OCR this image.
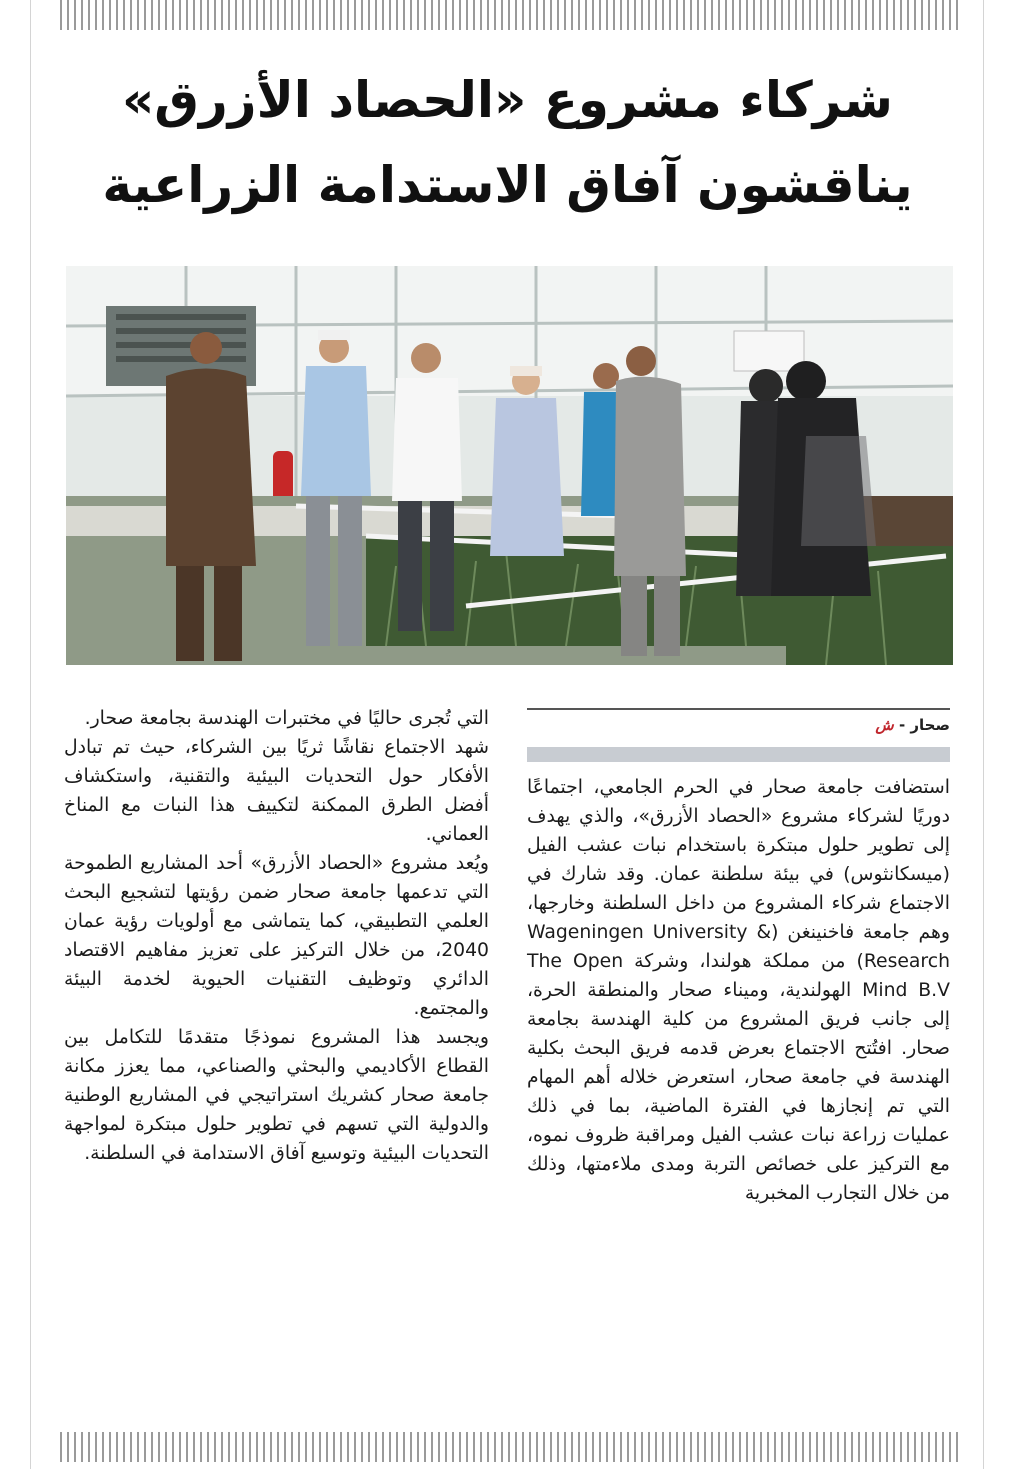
شركاء مشروع «الحصاد الأزرق»
يناقشون آفاق الاستدامة الزراعية
صحار - ش

استضافت جامعة صحار في الحرم الجامعي، اجتماعًا دوريًا لشركاء مشروع «الحصاد الأزرق»، والذي يهدف إلى تطوير حلول مبتكرة باستخدام نبات عشب الفيل (ميسكانثوس) في بيئة سلطنة عمان. وقد شارك في الاجتماع شركاء المشروع من داخل السلطنة وخارجها، وهم جامعة فاخنينغن (Wageningen University & Research) من مملكة هولندا، وشركة The Open Mind B.V الهولندية، وميناء صحار والمنطقة الحرة، إلى جانب فريق المشروع من كلية الهندسة بجامعة صحار. افتُتح الاجتماع بعرض قدمه فريق البحث بكلية الهندسة في جامعة صحار، استعرض خلاله أهم المهام التي تم إنجازها في الفترة الماضية، بما في ذلك عمليات زراعة نبات عشب الفيل ومراقبة ظروف نموه، مع التركيز على خصائص التربة ومدى ملاءمتها، وذلك من خلال التجارب المخبرية

التي تُجرى حاليًا في مختبرات الهندسة بجامعة صحار.

شهد الاجتماع نقاشًا ثريًا بين الشركاء، حيث تم تبادل الأفكار حول التحديات البيئية والتقنية، واستكشاف أفضل الطرق الممكنة لتكييف هذا النبات مع المناخ العماني.

ويُعد مشروع «الحصاد الأزرق» أحد المشاريع الطموحة التي تدعمها جامعة صحار ضمن رؤيتها لتشجيع البحث العلمي التطبيقي، كما يتماشى مع أولويات رؤية عمان 2040، من خلال التركيز على تعزيز مفاهيم الاقتصاد الدائري وتوظيف التقنيات الحيوية لخدمة البيئة والمجتمع.

ويجسد هذا المشروع نموذجًا متقدمًا للتكامل بين القطاع الأكاديمي والبحثي والصناعي، مما يعزز مكانة جامعة صحار كشريك استراتيجي في المشاريع الوطنية والدولية التي تسهم في تطوير حلول مبتكرة لمواجهة التحديات البيئية وتوسيع آفاق الاستدامة في السلطنة.
